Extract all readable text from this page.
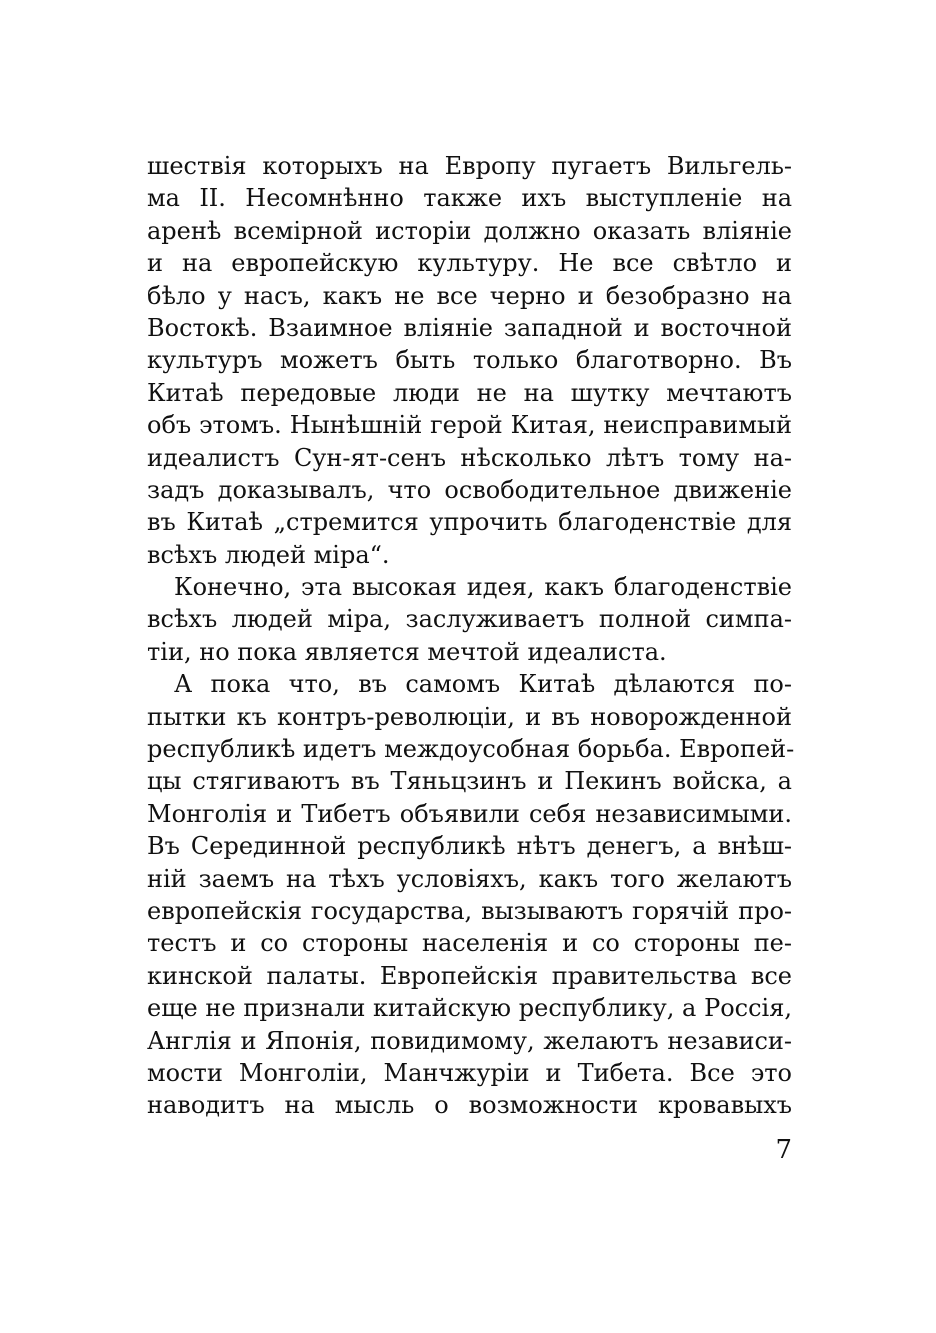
шествія которыхъ на Европу пугаетъ Вильгель-
ма II. Несомнѣнно также ихъ выступленіе на
аренѣ всемірной исторіи должно оказать вліяніе
и на европейскую культуру. Не все свѣтло и
бѣло у насъ, какъ не все черно и безобразно на
Востокѣ. Взаимное вліяніе западной и восточной
культуръ можетъ быть только благотворно. Въ
Китаѣ передовые люди не на шутку мечтаютъ
объ этомъ. Нынѣшній герой Китая, неисправимый
идеалистъ Сун-ят-сенъ нѣсколько лѣтъ тому на-
задъ доказывалъ, что освободительное движеніе
въ Китаѣ „стремится упрочить благоденствіе для
всѣхъ людей міра“.
Конечно, эта высокая идея, какъ благоденствіе
всѣхъ людей міра, заслуживаетъ полной симпа-
тіи, но пока является мечтой идеалиста.
А пока что, въ самомъ Китаѣ дѣлаются по-
пытки къ контръ-революціи, и въ новорожденной
республикѣ идетъ междоусобная борьба. Европей-
цы стягиваютъ въ Тяньцзинъ и Пекинъ войска, а
Монголія и Тибетъ объявили себя независимыми.
Въ Серединной республикѣ нѣтъ денегъ, а внѣш-
ній заемъ на тѣхъ условіяхъ, какъ того желаютъ
европейскія государства, вызываютъ горячій про-
тестъ и со стороны населенія и со стороны пе-
кинской палаты. Европейскія правительства все
еще не признали китайскую республику, а Россія,
Англія и Японія, повидимому, желаютъ независи-
мости Монголіи, Манчжуріи и Тибета. Все это
наводитъ на мысль о возможности кровавыхъ
7
